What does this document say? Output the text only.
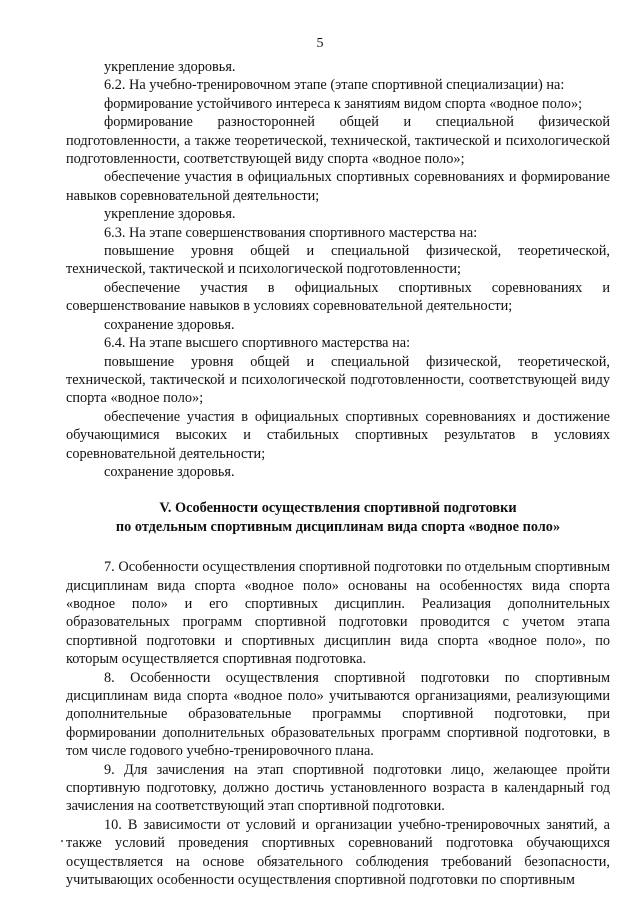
5

укрепление здоровья.

6.2. На учебно-тренировочном этапе (этапе спортивной специализации) на:

формирование устойчивого интереса к занятиям видом спорта «водное поло»;

формирование разносторонней общей и специальной физической подготовленности, а также теоретической, технической, тактической и психологической подготовленности, соответствующей виду спорта «водное поло»;

обеспечение участия в официальных спортивных соревнованиях и формирование навыков соревновательной деятельности;

укрепление здоровья.

6.3. На этапе совершенствования спортивного мастерства на:

повышение уровня общей и специальной физической, теоретической, технической, тактической и психологической подготовленности;

обеспечение участия в официальных спортивных соревнованиях и совершенствование навыков в условиях соревновательной деятельности;

сохранение здоровья.

6.4. На этапе высшего спортивного мастерства на:

повышение уровня общей и специальной физической, теоретической, технической, тактической и психологической подготовленности, соответствующей виду спорта «водное поло»;

обеспечение участия в официальных спортивных соревнованиях и достижение обучающимися высоких и стабильных спортивных результатов в условиях соревновательной деятельности;

сохранение здоровья.

V. Особенности осуществления спортивной подготовки
по отдельным спортивным дисциплинам вида спорта «водное поло»

7. Особенности осуществления спортивной подготовки по отдельным спортивным дисциплинам вида спорта «водное поло» основаны на особенностях вида спорта «водное поло» и его спортивных дисциплин. Реализация дополнительных образовательных программ спортивной подготовки проводится с учетом этапа спортивной подготовки и спортивных дисциплин вида спорта «водное поло», по которым осуществляется спортивная подготовка.

8. Особенности осуществления спортивной подготовки по спортивным дисциплинам вида спорта «водное поло» учитываются организациями, реализующими дополнительные образовательные программы спортивной подготовки, при формировании дополнительных образовательных программ спортивной подготовки, в том числе годового учебно-тренировочного плана.

9. Для зачисления на этап спортивной подготовки лицо, желающее пройти спортивную подготовку, должно достичь установленного возраста в календарный год зачисления на соответствующий этап спортивной подготовки.

10. В зависимости от условий и организации учебно-тренировочных занятий, а также условий проведения спортивных соревнований подготовка обучающихся осуществляется на основе обязательного соблюдения требований безопасности, учитывающих особенности осуществления спортивной подготовки по спортивным
